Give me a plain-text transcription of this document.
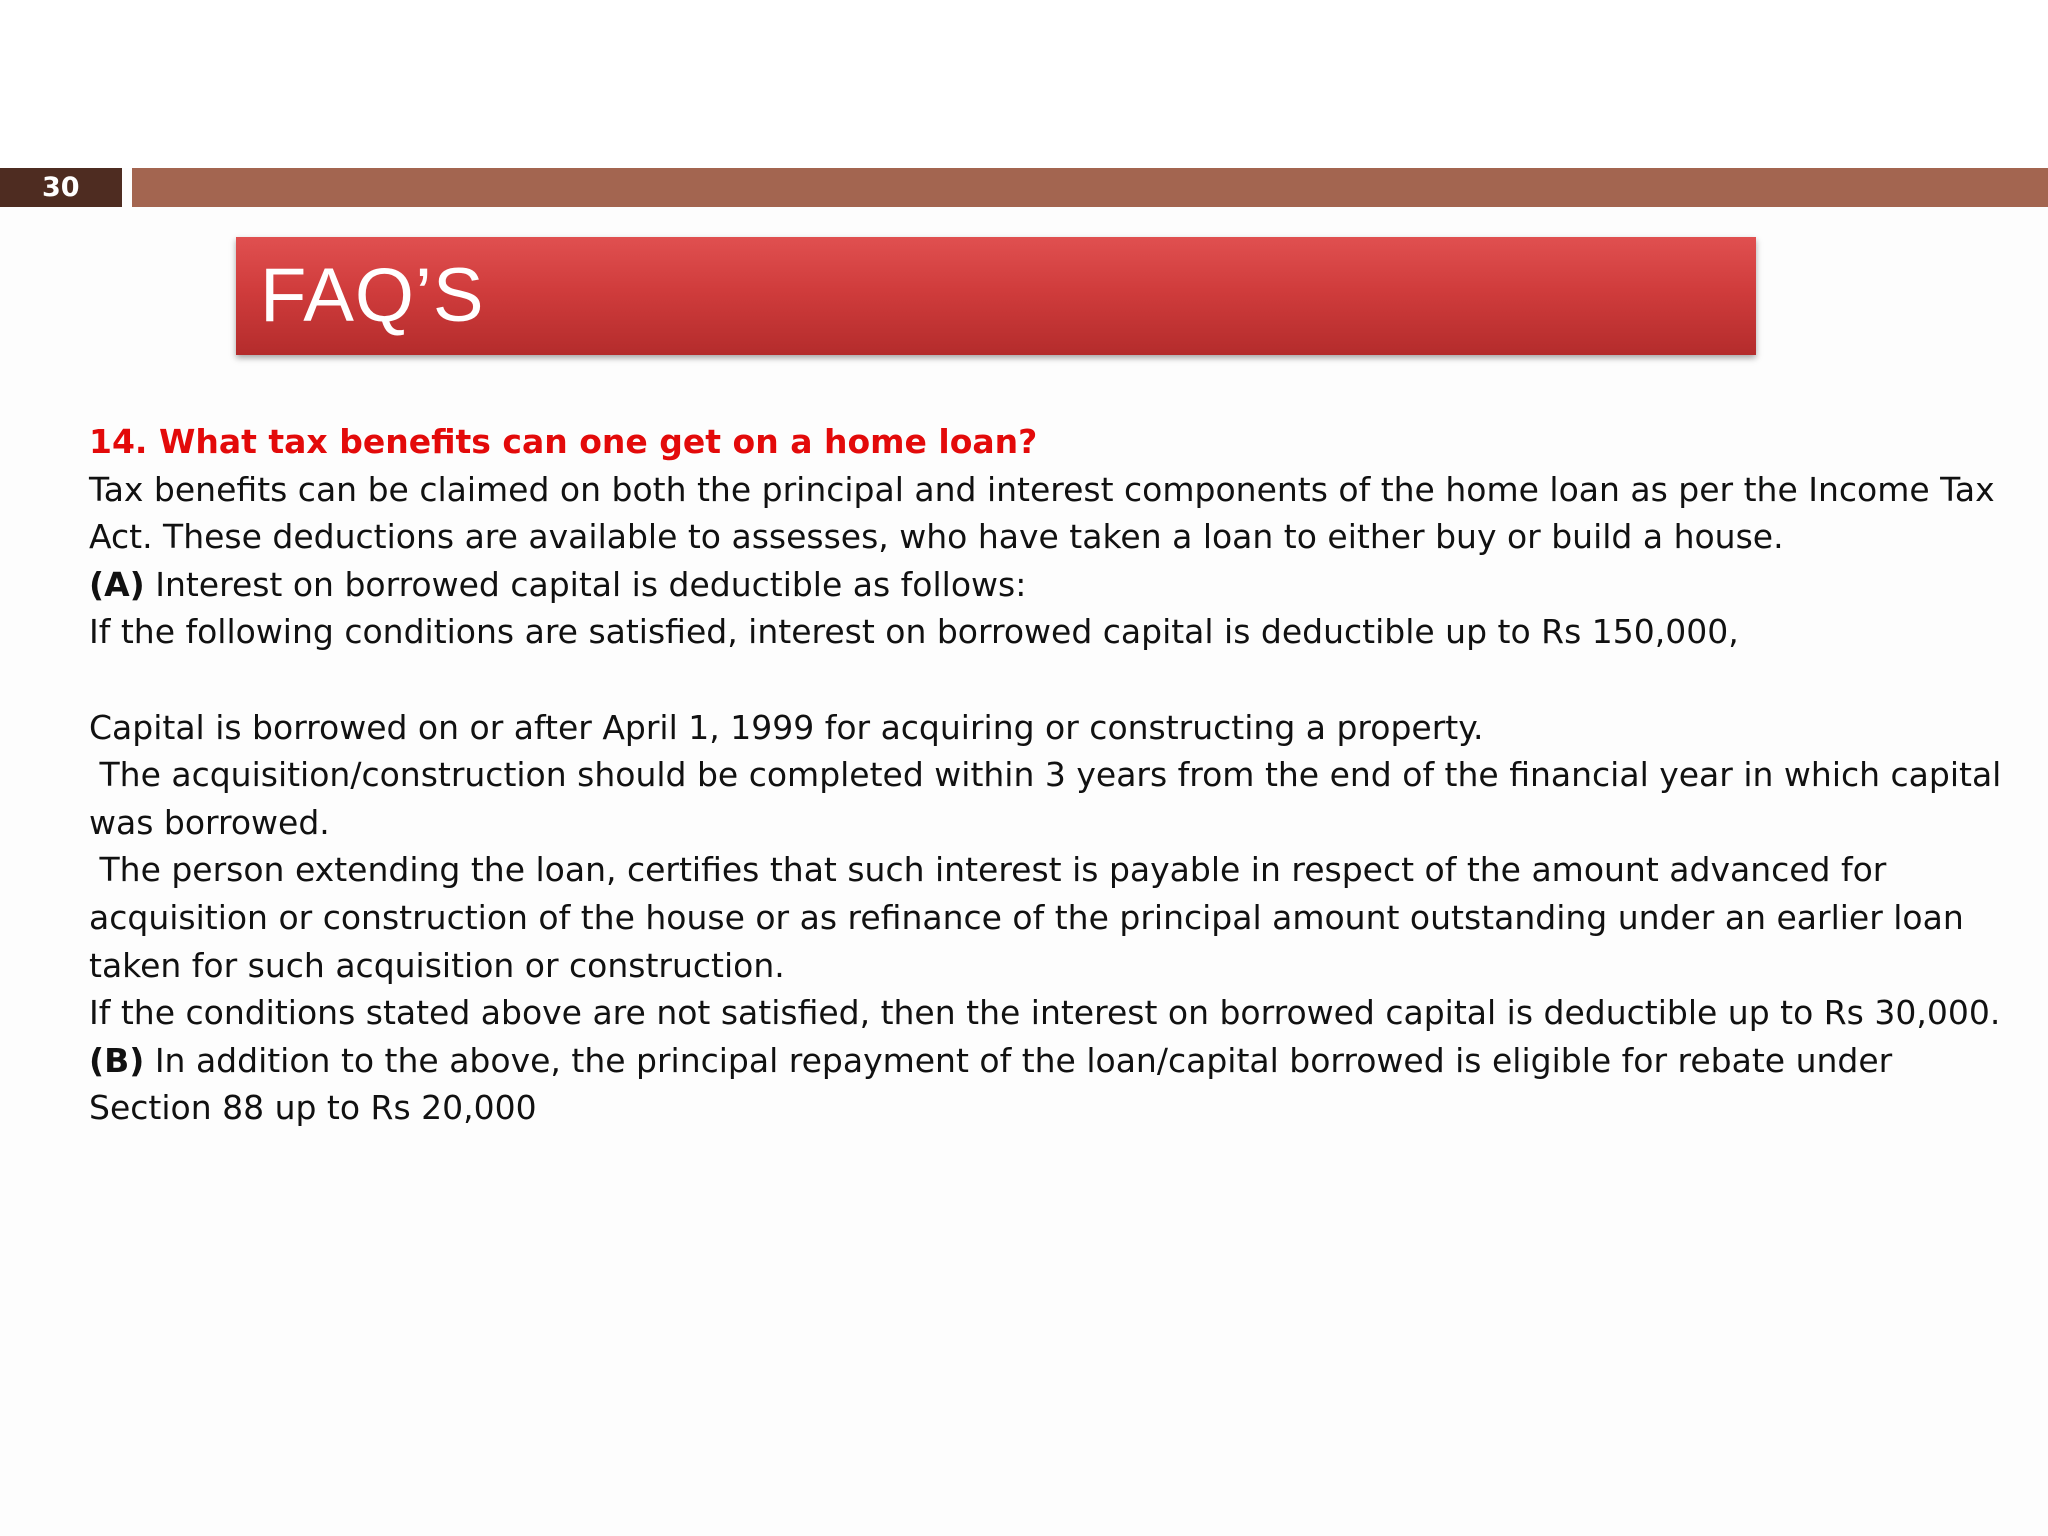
30
FAQ’S
14. What tax benefits can one get on a home loan?
Tax benefits can be claimed on both the principal and interest components of the home loan as per the Income Tax
Act. These deductions are available to assesses, who have taken a loan to either buy or build a house.
(A) Interest on borrowed capital is deductible as follows:
If the following conditions are satisfied, interest on borrowed capital is deductible up to Rs 150,000,
Capital is borrowed on or after April 1, 1999 for acquiring or constructing a property.
The acquisition/construction should be completed within 3 years from the end of the financial year in which capital
was borrowed.
The person extending the loan, certifies that such interest is payable in respect of the amount advanced for
acquisition or construction of the house or as refinance of the principal amount outstanding under an earlier loan
taken for such acquisition or construction.
If the conditions stated above are not satisfied, then the interest on borrowed capital is deductible up to Rs 30,000.
(B) In addition to the above, the principal repayment of the loan/capital borrowed is eligible for rebate under
Section 88 up to Rs 20,000
